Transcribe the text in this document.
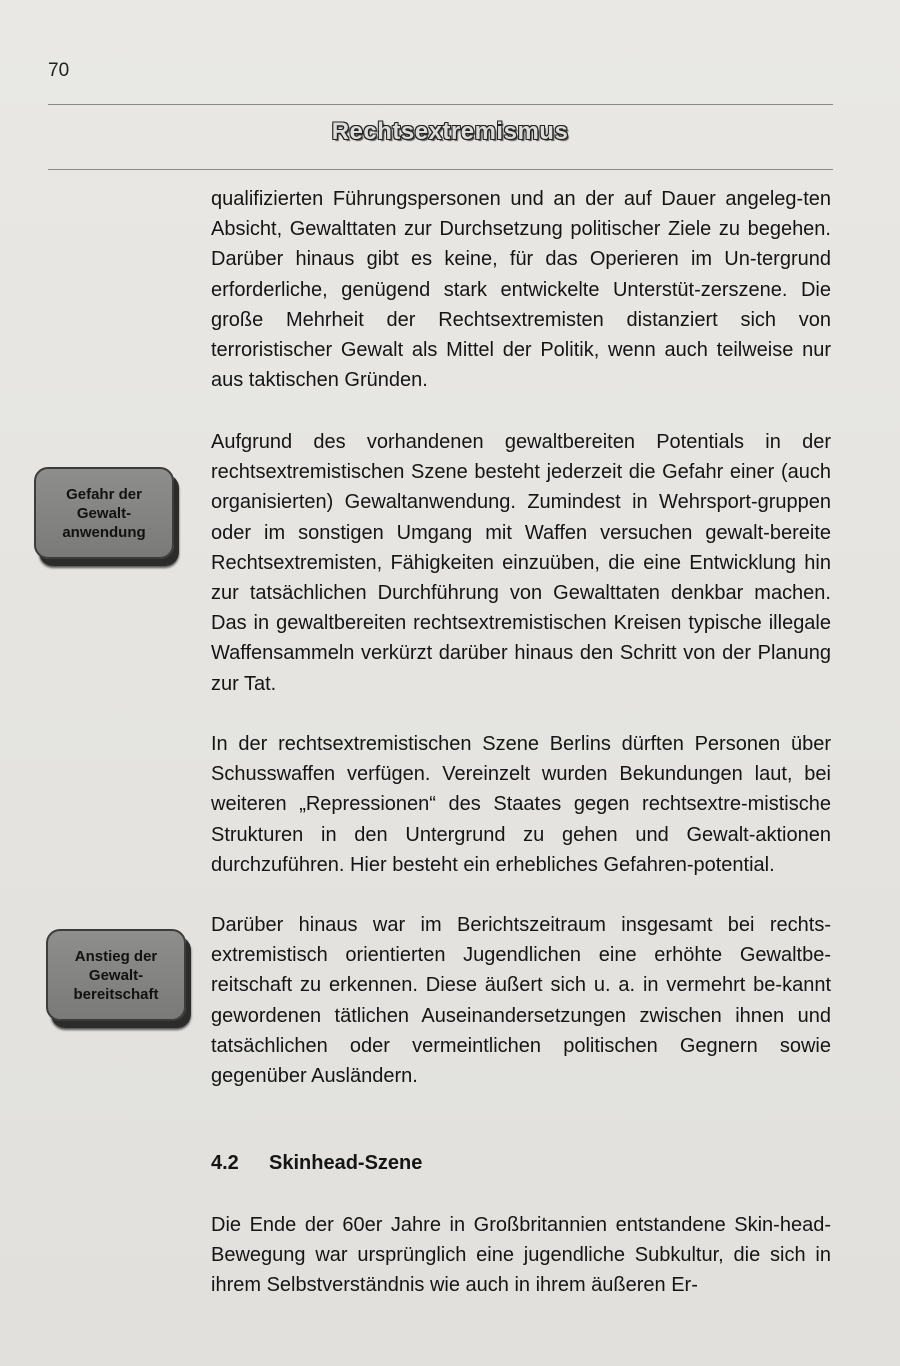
70
Rechtsextremismus
Gefahr der
Gewalt-
anwendung
Anstieg der
Gewalt-
bereitschaft

qualifizierten Führungspersonen und an der auf Dauer angeleg-ten Absicht, Gewalttaten zur Durchsetzung politischer Ziele zu begehen. Darüber hinaus gibt es keine, für das Operieren im Un-tergrund erforderliche, genügend stark entwickelte Unterstüt-zerszene. Die große Mehrheit der Rechtsextremisten distanziert sich von terroristischer Gewalt als Mittel der Politik, wenn auch teilweise nur aus taktischen Gründen.

Aufgrund des vorhandenen gewaltbereiten Potentials in der rechtsextremistischen Szene besteht jederzeit die Gefahr einer (auch organisierten) Gewaltanwendung. Zumindest in Wehrsport-gruppen oder im sonstigen Umgang mit Waffen versuchen gewalt-bereite Rechtsextremisten, Fähigkeiten einzuüben, die eine Entwicklung hin zur tatsächlichen Durchführung von Gewalttaten denkbar machen. Das in gewaltbereiten rechtsextremistischen Kreisen typische illegale Waffensammeln verkürzt darüber hinaus den Schritt von der Planung zur Tat.

In der rechtsextremistischen Szene Berlins dürften Personen über Schusswaffen verfügen. Vereinzelt wurden Bekundungen laut, bei weiteren „Repressionen“ des Staates gegen rechtsextre-mistische Strukturen in den Untergrund zu gehen und Gewalt-aktionen durchzuführen. Hier besteht ein erhebliches Gefahren-potential.

Darüber hinaus war im Berichtszeitraum insgesamt bei rechts-extremistisch orientierten Jugendlichen eine erhöhte Gewaltbe-reitschaft zu erkennen. Diese äußert sich u. a. in vermehrt be-kannt gewordenen tätlichen Auseinandersetzungen zwischen ihnen und tatsächlichen oder vermeintlichen politischen Gegnern sowie gegenüber Ausländern.

4.2 Skinhead-Szene

Die Ende der 60er Jahre in Großbritannien entstandene Skin-head-Bewegung war ursprünglich eine jugendliche Subkultur, die sich in ihrem Selbstverständnis wie auch in ihrem äußeren Er-
